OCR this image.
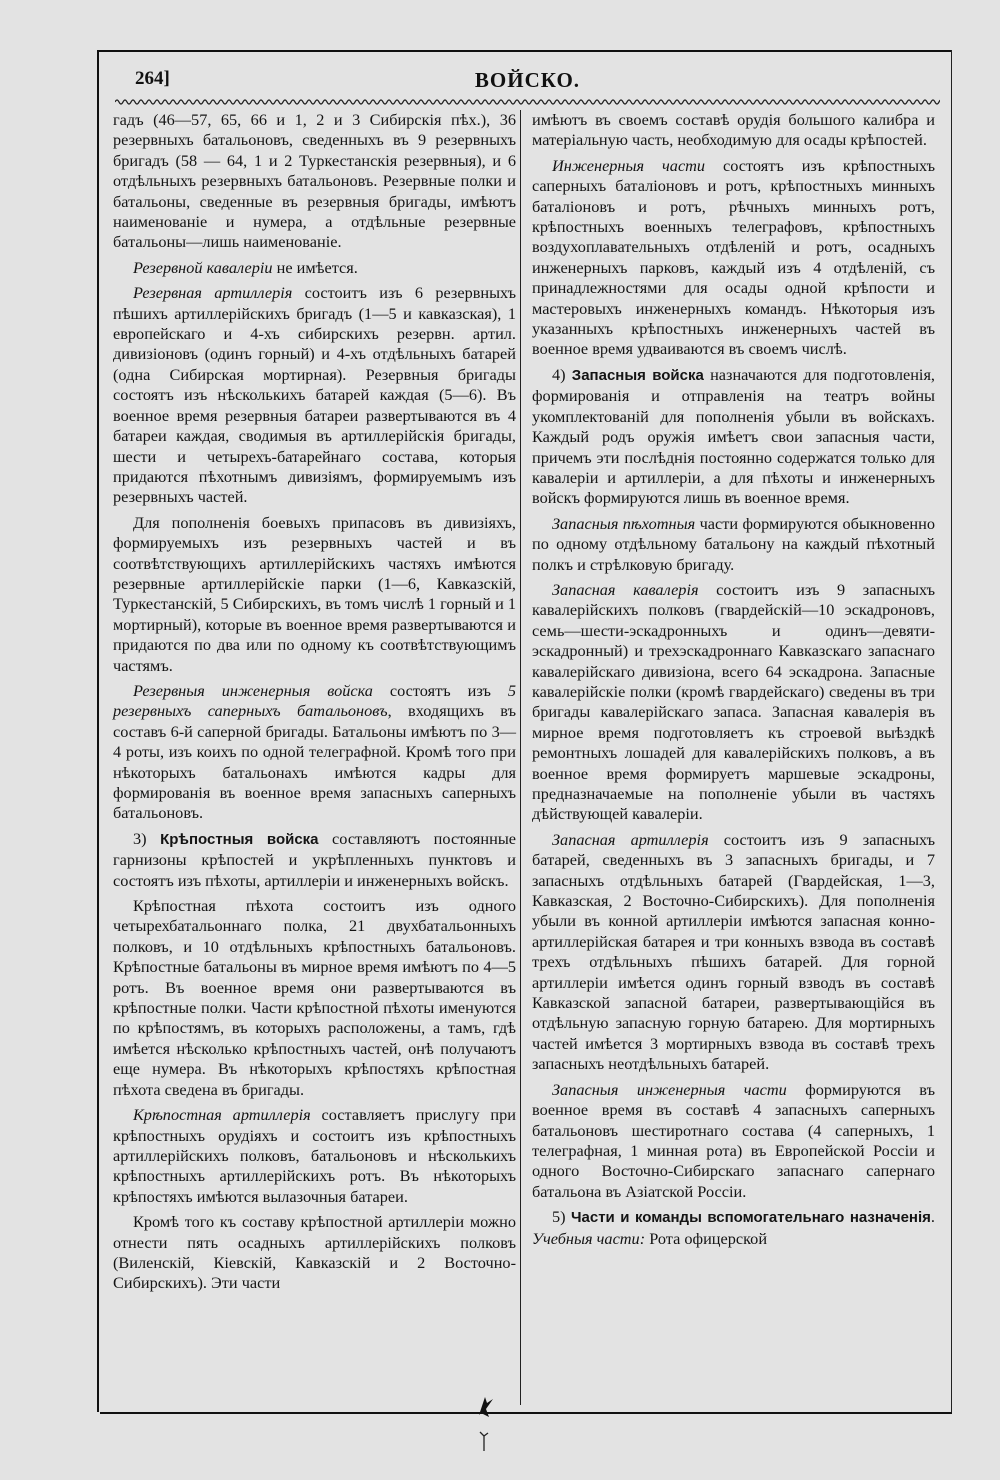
264]	ВОЙСКО.

гадъ (46—57, 65, 66 и 1, 2 и 3 Сибирскія пѣх.), 36 резервныхъ батальоновъ, сведенныхъ въ 9 резервныхъ бригадъ (58 — 64, 1 и 2 Туркестанскія резервныя), и 6 отдѣльныхъ резервныхъ батальоновъ. Резервные полки и батальоны, сведенные въ резервныя бригады, имѣютъ наименованіе и нумера, а отдѣльные резервные батальоны—лишь наименованіе.

Резервной кавалеріи не имѣется.

Резервная артиллерія состоитъ изъ 6 резервныхъ пѣшихъ артиллерійскихъ бригадъ (1—5 и кавказская), 1 европейскаго и 4-хъ сибирскихъ резервн. артил. дивизіоновъ (одинъ горный) и 4-хъ отдѣльныхъ батарей (одна Сибирская мортирная). Резервныя бригады состоятъ изъ нѣсколькихъ батарей каждая (5—6). Въ военное время резервныя батареи развертываются въ 4 батареи каждая, сводимыя въ артиллерійскія бригады, шести и четырехъ-батарейнаго состава, которыя придаются пѣхотнымъ дивизіямъ, формируемымъ изъ резервныхъ частей.

Для пополненія боевыхъ припасовъ въ дивизіяхъ, формируемыхъ изъ резервныхъ частей и въ соотвѣтствующихъ артиллерійскихъ частяхъ имѣются резервные артиллерійскіе парки (1—6, Кавказскій, Туркестанскій, 5 Сибирскихъ, въ томъ числѣ 1 горный и 1 мортирный), которые въ военное время развертываются и придаются по два или по одному къ соотвѣтствующимъ частямъ.

Резервныя инженерныя войска состоятъ изъ 5 резервныхъ саперныхъ батальоновъ, входящихъ въ составъ 6-й саперной бригады. Батальоны имѣютъ по 3—4 роты, изъ коихъ по одной телеграфной. Кромѣ того при нѣкоторыхъ батальонахъ имѣются кадры для формированія въ военное время запасныхъ саперныхъ батальоновъ.

3) Крѣпостныя войска составляютъ постоянные гарнизоны крѣпостей и укрѣпленныхъ пунктовъ и состоятъ изъ пѣхоты, артиллеріи и инженерныхъ войскъ.

Крѣпостная пѣхота состоитъ изъ одного четырехбатальоннаго полка, 21 двухбатальонныхъ полковъ, и 10 отдѣльныхъ крѣпостныхъ батальоновъ. Крѣпостные батальоны въ мирное время имѣютъ по 4—5 ротъ. Въ военное время они развертываются въ крѣпостные полки. Части крѣпостной пѣхоты именуются по крѣпостямъ, въ которыхъ расположены, а тамъ, гдѣ имѣется нѣсколько крѣпостныхъ частей, онѣ получаютъ еще нумера. Въ нѣкоторыхъ крѣпостяхъ крѣпостная пѣхота сведена въ бригады.

Крѣпостная артиллерія составляетъ прислугу при крѣпостныхъ орудіяхъ и состоитъ изъ крѣпостныхъ артиллерійскихъ полковъ, батальоновъ и нѣсколькихъ крѣпостныхъ артиллерійскихъ ротъ. Въ нѣкоторыхъ крѣпостяхъ имѣются вылазочныя батареи.

Кромѣ того къ составу крѣпостной артиллеріи можно отнести пять осадныхъ артиллерійскихъ полковъ (Виленскій, Кіевскій, Кавказскій и 2 Восточно-Сибирскихъ). Эти части

имѣютъ въ своемъ составѣ орудія большого калибра и матеріальную часть, необходимую для осады крѣпостей.

Инженерныя части состоятъ изъ крѣпостныхъ саперныхъ баталіоновъ и ротъ, крѣпостныхъ минныхъ баталіоновъ и ротъ, рѣчныхъ минныхъ ротъ, крѣпостныхъ военныхъ телеграфовъ, крѣпостныхъ воздухоплавательныхъ отдѣленій и ротъ, осадныхъ инженерныхъ парковъ, каждый изъ 4 отдѣленій, съ принадлежностями для осады одной крѣпости и мастеровыхъ инженерныхъ командъ. Нѣкоторыя изъ указанныхъ крѣпостныхъ инженерныхъ частей въ военное время удваиваются въ своемъ числѣ.

4) Запасныя войска назначаются для подготовленія, формированія и отправленія на театръ войны укомплектованій для пополненія убыли въ войскахъ. Каждый родъ оружія имѣетъ свои запасныя части, причемъ эти послѣднія постоянно содержатся только для кавалеріи и артиллеріи, а для пѣхоты и инженерныхъ войскъ формируются лишь въ военное время.

Запасныя пѣхотныя части формируются обыкновенно по одному отдѣльному батальону на каждый пѣхотный полкъ и стрѣлковую бригаду.

Запасная кавалерія состоитъ изъ 9 запасныхъ кавалерійскихъ полковъ (гвардейскій—10 эскадроновъ, семь—шести-эскадронныхъ и одинъ—девяти-эскадронный) и трехэскадроннаго Кавказскаго запаснаго кавалерійскаго дивизіона, всего 64 эскадрона. Запасные кавалерійскіе полки (кромѣ гвардейскаго) сведены въ три бригады кавалерійскаго запаса. Запасная кавалерія въ мирное время подготовляетъ къ строевой выѣздкѣ ремонтныхъ лошадей для кавалерійскихъ полковъ, а въ военное время формируетъ маршевые эскадроны, предназначаемые на пополненіе убыли въ частяхъ дѣйствующей кавалеріи.

Запасная артиллерія состоитъ изъ 9 запасныхъ батарей, сведенныхъ въ 3 запасныхъ бригады, и 7 запасныхъ отдѣльныхъ батарей (Гвардейская, 1—3, Кавказская, 2 Восточно-Сибирскихъ). Для пополненія убыли въ конной артиллеріи имѣются запасная конно-артиллерійская батарея и три конныхъ взвода въ составѣ трехъ отдѣльныхъ пѣшихъ батарей. Для горной артиллеріи имѣется одинъ горный взводъ въ составѣ Кавказской запасной батареи, развертывающійся въ отдѣльную запасную горную батарею. Для мортирныхъ частей имѣется 3 мортирныхъ взвода въ составѣ трехъ запасныхъ неотдѣльныхъ батарей.

Запасныя инженерныя части формируются въ военное время въ составѣ 4 запасныхъ саперныхъ батальоновъ шестиротнаго состава (4 саперныхъ, 1 телеграфная, 1 минная рота) въ Европейской Россіи и одного Восточно-Сибирскаго запаснаго сапернаго батальона въ Азіатской Россіи.

5) Части и команды вспомогательнаго назначенія. Учебныя части: Рота офицерской
